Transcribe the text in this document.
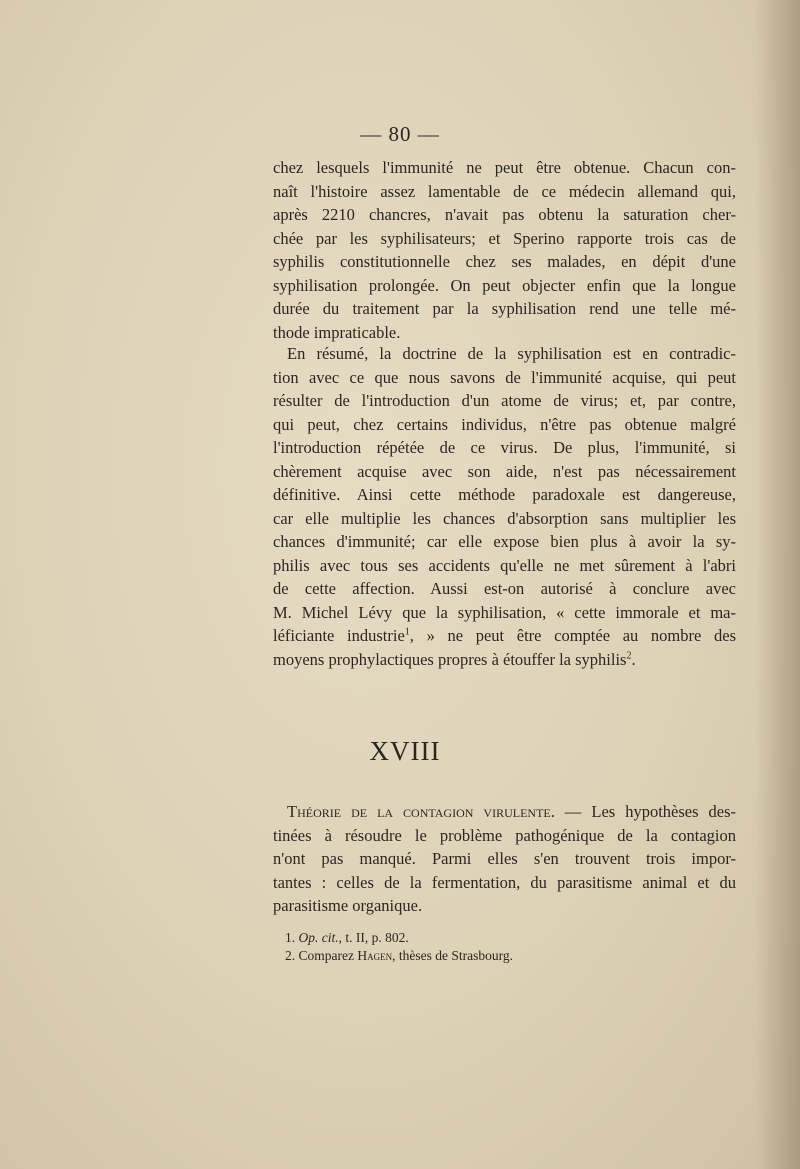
— 80 —

chez lesquels l'immunité ne peut être obtenue. Chacun con-
naît l'histoire assez lamentable de ce médecin allemand qui,
après 2210 chancres, n'avait pas obtenu la saturation cher-
chée par les syphilisateurs; et Sperino rapporte trois cas de
syphilis constitutionnelle chez ses malades, en dépit d'une
syphilisation prolongée. On peut objecter enfin que la longue
durée du traitement par la syphilisation rend une telle mé-
thode impraticable.

En résumé, la doctrine de la syphilisation est en contradic-
tion avec ce que nous savons de l'immunité acquise, qui peut
résulter de l'introduction d'un atome de virus; et, par contre,
qui peut, chez certains individus, n'être pas obtenue malgré
l'introduction répétée de ce virus. De plus, l'immunité, si
chèrement acquise avec son aide, n'est pas nécessairement
définitive. Ainsi cette méthode paradoxale est dangereuse,
car elle multiplie les chances d'absorption sans multiplier les
chances d'immunité; car elle expose bien plus à avoir la sy-
philis avec tous ses accidents qu'elle ne met sûrement à l'abri
de cette affection. Aussi est-on autorisé à conclure avec
M. Michel Lévy que la syphilisation, « cette immorale et ma-
léficiante industrie$^1$, » ne peut être comptée au nombre des
moyens prophylactiques propres à étouffer la syphilis$^2$.

XVIII

Théorie de la contagion virulente. — Les hypothèses des-
tinées à résoudre le problème pathogénique de la contagion
n'ont pas manqué. Parmi elles s'en trouvent trois impor-
tantes : celles de la fermentation, du parasitisme animal et du
parasitisme organique.

1. Op. cit., t. II, p. 802.
2. Comparez Hagen, thèses de Strasbourg.
